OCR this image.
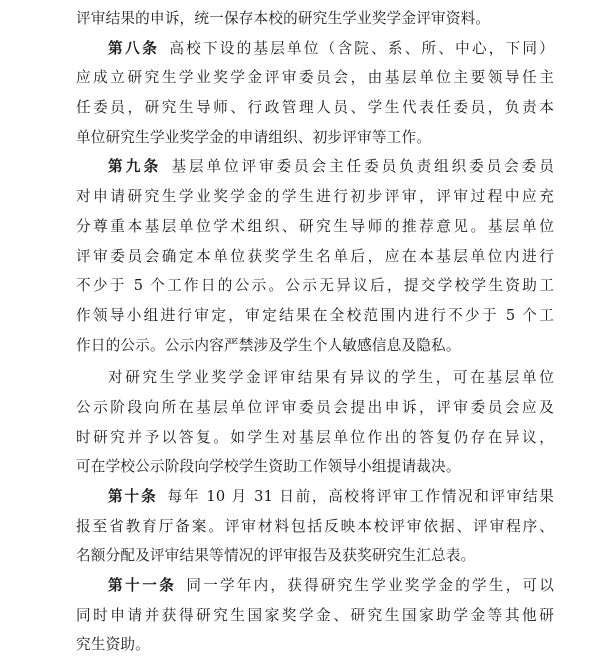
评审结果的申诉，统一保存本校的研究生学业奖学金评审资料。
第八条 高校下设的基层单位（含院、系、所、中心，下同）
应成立研究生学业奖学金评审委员会，由基层单位主要领导任主
任委员，研究生导师、行政管理人员、学生代表任委员，负责本
单位研究生学业奖学金的申请组织、初步评审等工作。
第九条 基层单位评审委员会主任委员负责组织委员会委员
对申请研究生学业奖学金的学生进行初步评审，评审过程中应充
分尊重本基层单位学术组织、研究生导师的推荐意见。基层单位
评审委员会确定本单位获奖学生名单后，应在本基层单位内进行
不少于 5 个工作日的公示。公示无异议后，提交学校学生资助工
作领导小组进行审定，审定结果在全校范围内进行不少于 5 个工
作日的公示。公示内容严禁涉及学生个人敏感信息及隐私。
对研究生学业奖学金评审结果有异议的学生，可在基层单位
公示阶段向所在基层单位评审委员会提出申诉，评审委员会应及
时研究并予以答复。如学生对基层单位作出的答复仍存在异议，
可在学校公示阶段向学校学生资助工作领导小组提请裁决。
第十条 每年 10 月 31 日前，高校将评审工作情况和评审结果
报至省教育厅备案。评审材料包括反映本校评审依据、评审程序、
名额分配及评审结果等情况的评审报告及获奖研究生汇总表。
第十一条 同一学年内，获得研究生学业奖学金的学生，可以
同时申请并获得研究生国家奖学金、研究生国家助学金等其他研
究生资助。
